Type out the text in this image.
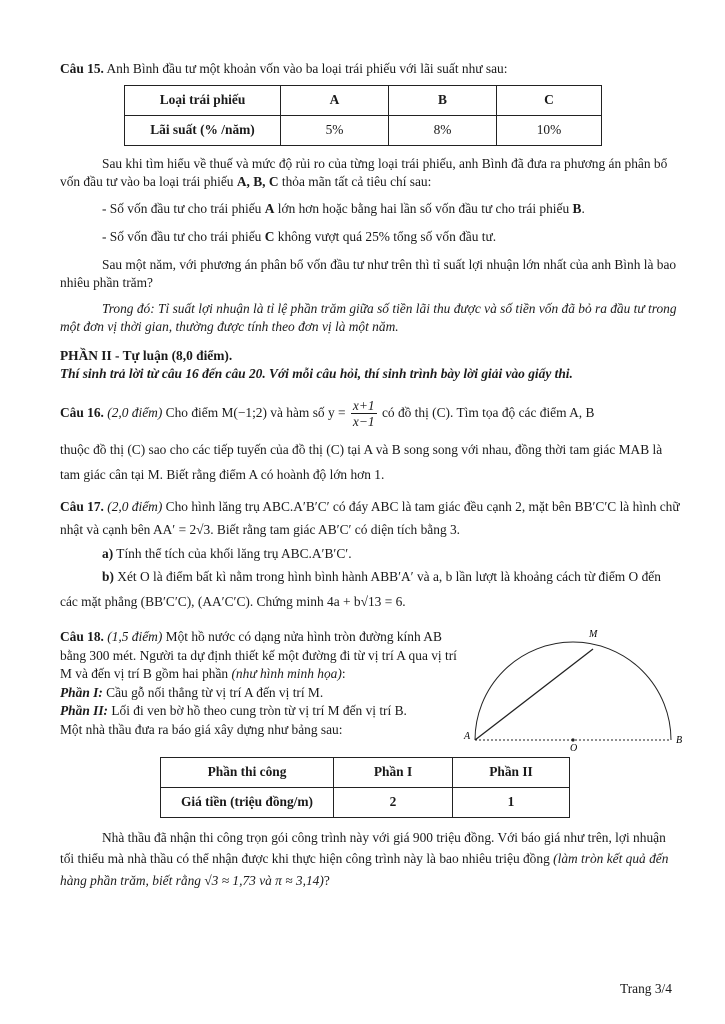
Câu 15. Anh Bình đầu tư một khoản vốn vào ba loại trái phiếu với lãi suất như sau:

Loại trái phiếu	A	B	C
Lãi suất (% /năm)	5%	8%	10%

Sau khi tìm hiểu về thuế và mức độ rủi ro của từng loại trái phiếu, anh Bình đã đưa ra phương án phân bổ vốn đầu tư vào ba loại trái phiếu A, B, C thỏa mãn tất cả tiêu chí sau:

- Số vốn đầu tư cho trái phiếu A lớn hơn hoặc bằng hai lần số vốn đầu tư cho trái phiếu B.

- Số vốn đầu tư cho trái phiếu C không vượt quá 25% tổng số vốn đầu tư.

Sau một năm, với phương án phân bổ vốn đầu tư như trên thì tỉ suất lợi nhuận lớn nhất của anh Bình là bao nhiêu phần trăm?

Trong đó: Tỉ suất lợi nhuận là tỉ lệ phần trăm giữa số tiền lãi thu được và số tiền vốn đã bỏ ra đầu tư trong một đơn vị thời gian, thường được tính theo đơn vị là một năm.

PHẦN II - Tự luận (8,0 điểm).

Thí sinh trả lời từ câu 16 đến câu 20. Với mỗi câu hỏi, thí sinh trình bày lời giải vào giấy thi.

Câu 16. (2,0 điểm) Cho điểm M(−1;2) và hàm số $y = \frac{x+1}{x-1}$ có đồ thị (C). Tìm tọa độ các điểm A, B

thuộc đồ thị (C) sao cho các tiếp tuyến của đồ thị (C) tại A và B song song với nhau, đồng thời tam giác MAB là tam giác cân tại M. Biết rằng điểm A có hoành độ lớn hơn 1.

Câu 17. (2,0 điểm) Cho hình lăng trụ ABC.A′B′C′ có đáy ABC là tam giác đều cạnh 2, mặt bên BB′C′C là hình chữ nhật và cạnh bên AA′ = 2√3. Biết rằng tam giác AB′C′ có diện tích bằng 3.

a) Tính thể tích của khối lăng trụ ABC.A′B′C′.

b) Xét O là điểm bất kì nằm trong hình bình hành ABB′A′ và a, b lần lượt là khoảng cách từ điểm O đến các mặt phẳng (BB′C′C), (AA′C′C). Chứng minh 4a + b√13 = 6.

Câu 18. (1,5 điểm) Một hồ nước có dạng nửa hình tròn đường kính AB bằng 300 mét. Người ta dự định thiết kế một đường đi từ vị trí A qua vị trí M và đến vị trí B gồm hai phần (như hình minh họa):

Phần I: Cầu gỗ nối thẳng từ vị trí A đến vị trí M.

Phần II: Lối đi ven bờ hồ theo cung tròn từ vị trí M đến vị trí B.

Một nhà thầu đưa ra báo giá xây dựng như bảng sau:	A	B
M
O
Phần thi công	Phần I	Phần II
Giá tiền (triệu đồng/m)	2	1

Nhà thầu đã nhận thi công trọn gói công trình này với giá 900 triệu đồng. Với báo giá như trên, lợi nhuận tối thiểu mà nhà thầu có thể nhận được khi thực hiện công trình này là bao nhiêu triệu đồng (làm tròn kết quả đến hàng phần trăm, biết rằng √3 ≈ 1,73 và π ≈ 3,14)?

Trang 3/4
